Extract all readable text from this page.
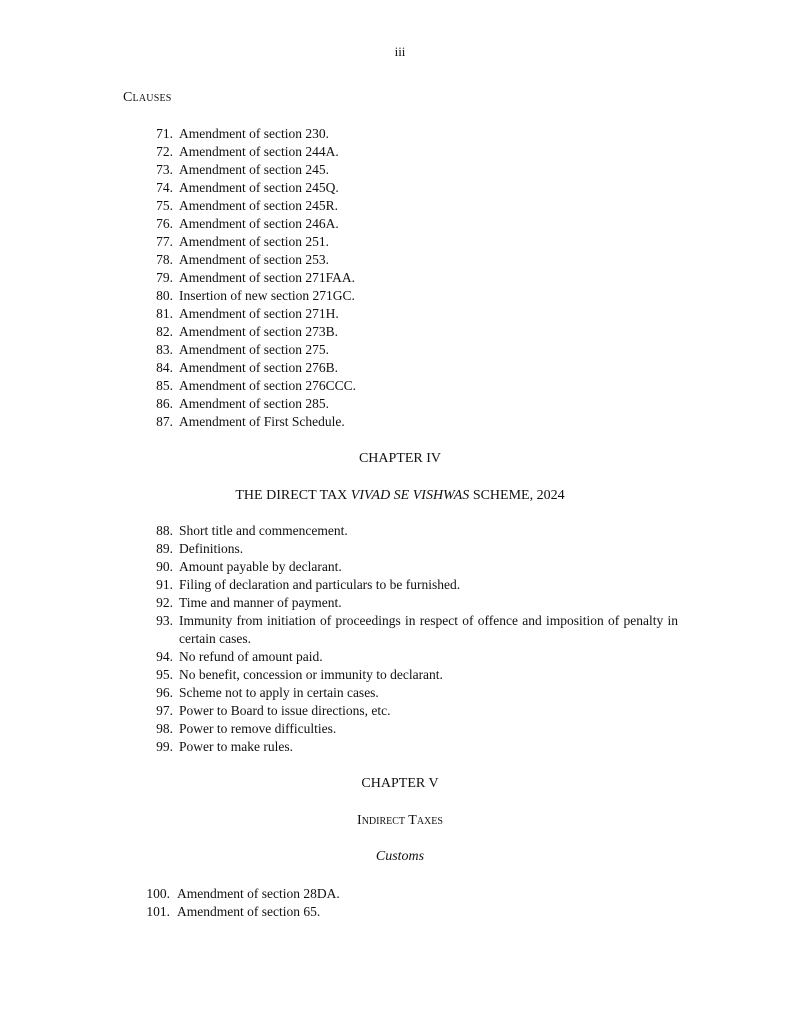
iii
Clauses
71. Amendment of section 230.
72. Amendment of section 244A.
73. Amendment of section 245.
74. Amendment of section 245Q.
75. Amendment of section 245R.
76. Amendment of section 246A.
77. Amendment of section 251.
78. Amendment of section 253.
79. Amendment of section 271FAA.
80. Insertion of new section 271GC.
81. Amendment of section 271H.
82. Amendment of section 273B.
83. Amendment of section 275.
84. Amendment of section 276B.
85. Amendment of section 276CCC.
86. Amendment of section 285.
87. Amendment of First Schedule.
CHAPTER IV
THE DIRECT TAX VIVAD SE VISHWAS SCHEME, 2024
88. Short title and commencement.
89. Definitions.
90. Amount payable by declarant.
91. Filing of declaration and particulars to be furnished.
92. Time and manner of payment.
93. Immunity from initiation of proceedings in respect of offence and imposition of penalty in certain cases.
94. No refund of amount paid.
95. No benefit, concession or immunity to declarant.
96. Scheme not to apply in certain cases.
97. Power to Board to issue directions, etc.
98. Power to remove difficulties.
99. Power to make rules.
CHAPTER V
Indirect Taxes
Customs
100. Amendment of section 28DA.
101. Amendment of section 65.
